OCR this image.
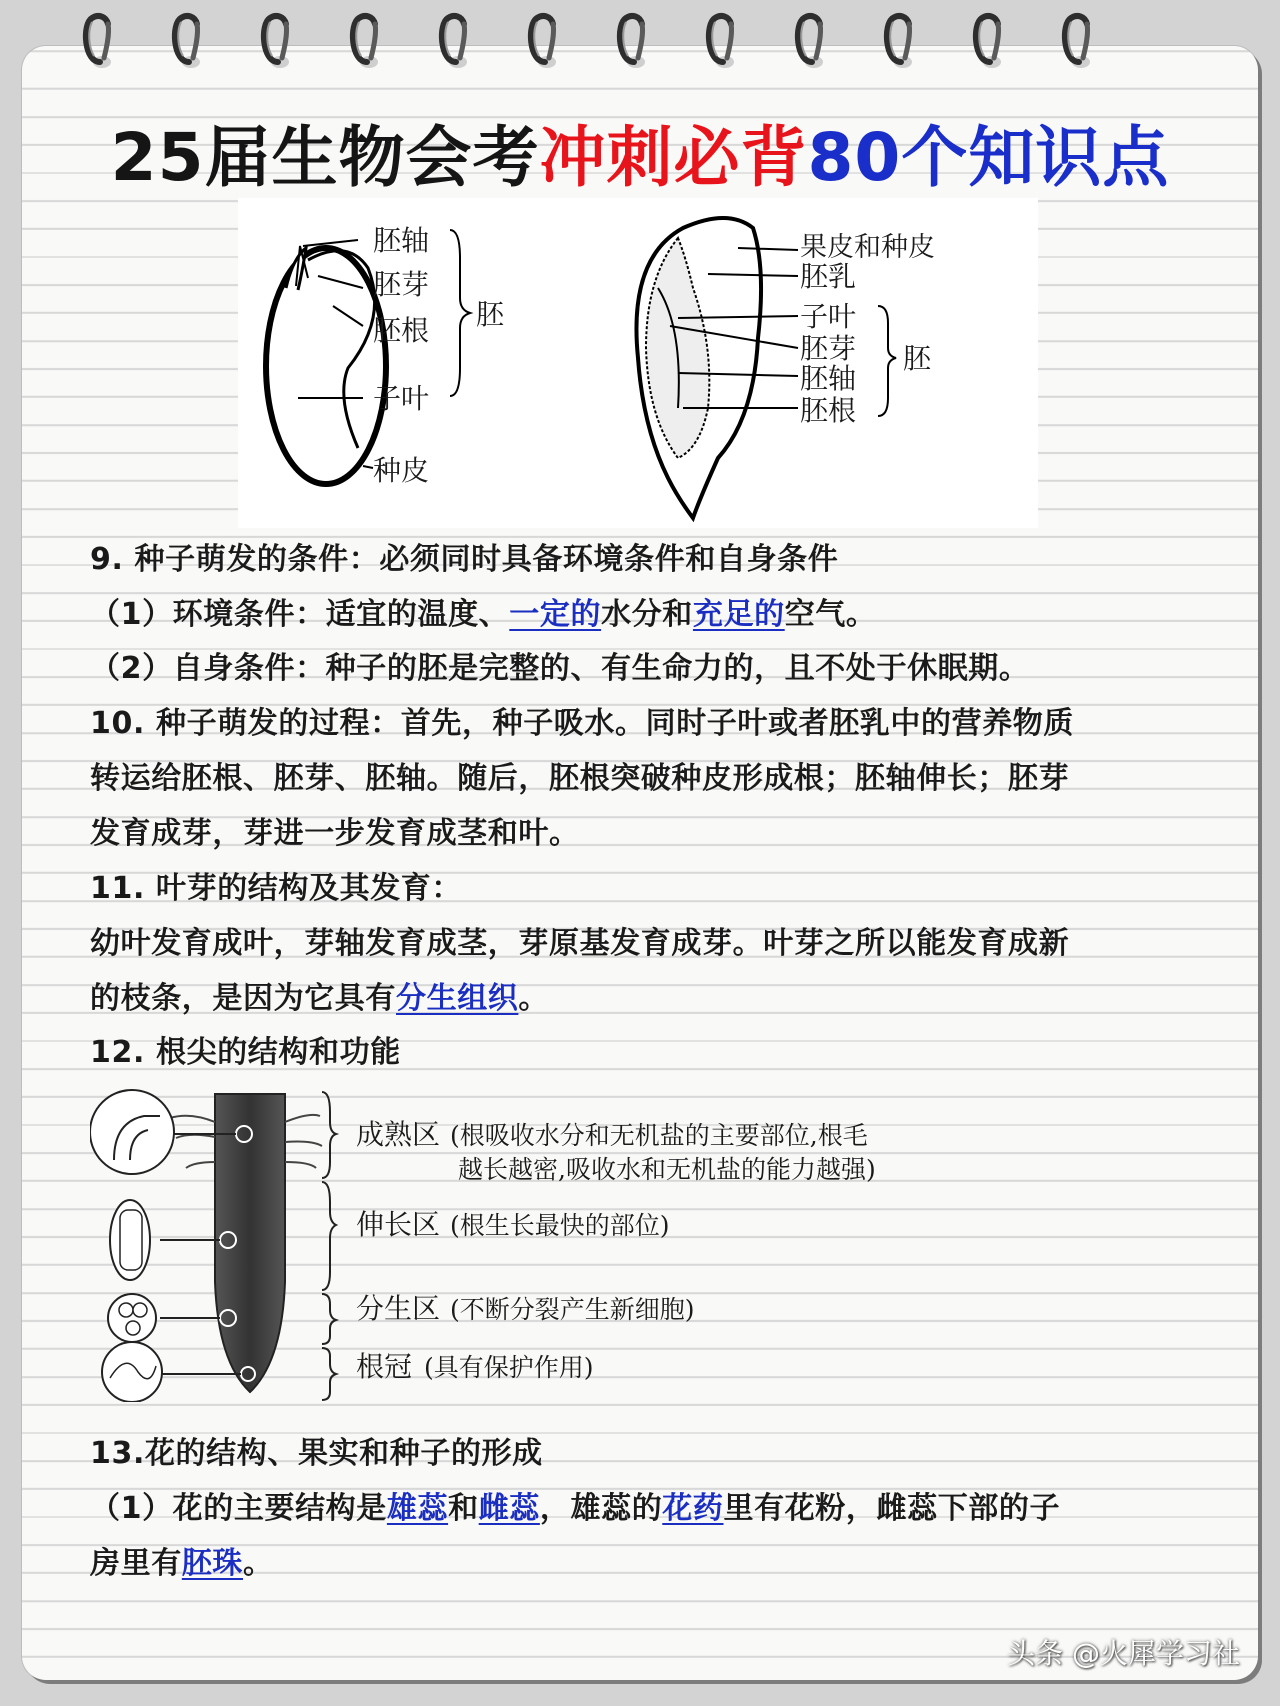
25届生物会考冲刺必背80个知识点
胚轴
胚芽
胚根
子叶
种皮
胚
果皮和种皮
胚乳
子叶
胚芽
胚轴
胚根
胚
9. 种子萌发的条件：必须同时具备环境条件和自身条件
（1）环境条件：适宜的温度、一定的水分和充足的空气。
（2）自身条件：种子的胚是完整的、有生命力的，且不处于休眠期。
10. 种子萌发的过程：首先，种子吸水。同时子叶或者胚乳中的营养物质
转运给胚根、胚芽、胚轴。随后，胚根突破种皮形成根；胚轴伸长；胚芽
发育成芽，芽进一步发育成茎和叶。
11. 叶芽的结构及其发育：
幼叶发育成叶，芽轴发育成茎，芽原基发育成芽。叶芽之所以能发育成新
的枝条，是因为它具有分生组织。
12. 根尖的结构和功能
成熟区 (根吸收水分和无机盐的主要部位,根毛
越长越密,吸收水和无机盐的能力越强)
伸长区 (根生长最快的部位)
分生区 (不断分裂产生新细胞)
根冠 (具有保护作用)
13.花的结构、果实和种子的形成
（1）花的主要结构是雄蕊和雌蕊，雄蕊的花药里有花粉，雌蕊下部的子
房里有胚珠。
头条 @火犀学习社
